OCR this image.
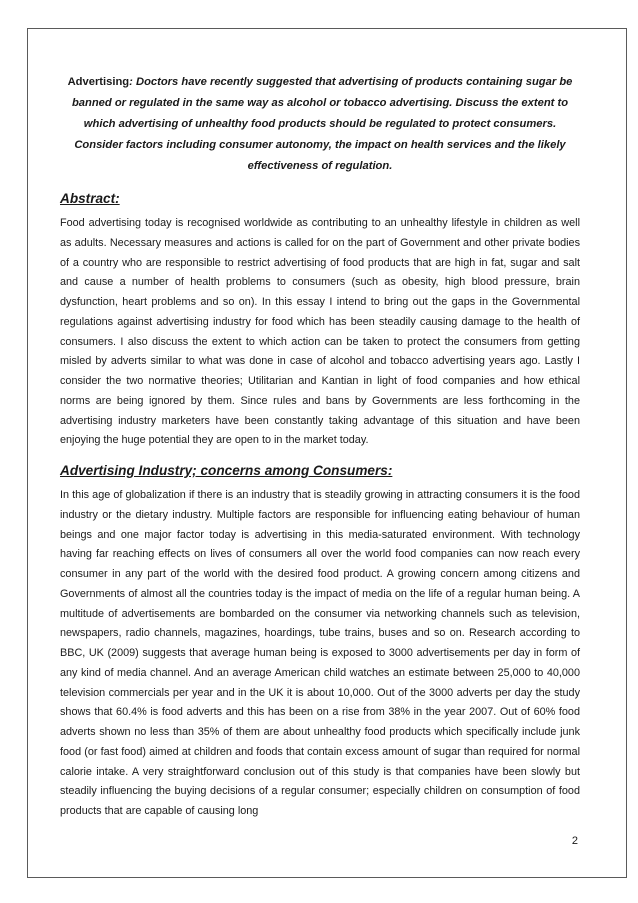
Advertising: Doctors have recently suggested that advertising of products containing sugar be banned or regulated in the same way as alcohol or tobacco advertising. Discuss the extent to which advertising of unhealthy food products should be regulated to protect consumers. Consider factors including consumer autonomy, the impact on health services and the likely effectiveness of regulation.

Abstract:

Food advertising today is recognised worldwide as contributing to an unhealthy lifestyle in children as well as adults. Necessary measures and actions is called for on the part of Government and other private bodies of a country who are responsible to restrict advertising of food products that are high in fat, sugar and salt and cause a number of health problems to consumers (such as obesity, high blood pressure, brain dysfunction, heart problems and so on). In this essay I intend to bring out the gaps in the Governmental regulations against advertising industry for food which has been steadily causing damage to the health of consumers. I also discuss the extent to which action can be taken to protect the consumers from getting misled by adverts similar to what was done in case of alcohol and tobacco advertising years ago. Lastly I consider the two normative theories; Utilitarian and Kantian in light of food companies and how ethical norms are being ignored by them. Since rules and bans by Governments are less forthcoming in the advertising industry marketers have been constantly taking advantage of this situation and have been enjoying the huge potential they are open to in the market today.

Advertising Industry; concerns among Consumers:

In this age of globalization if there is an industry that is steadily growing in attracting consumers it is the food industry or the dietary industry. Multiple factors are responsible for influencing eating behaviour of human beings and one major factor today is advertising in this media-saturated environment. With technology having far reaching effects on lives of consumers all over the world food companies can now reach every consumer in any part of the world with the desired food product. A growing concern among citizens and Governments of almost all the countries today is the impact of media on the life of a regular human being. A multitude of advertisements are bombarded on the consumer via networking channels such as television, newspapers, radio channels, magazines, hoardings, tube trains, buses and so on. Research according to BBC, UK (2009) suggests that average human being is exposed to 3000 advertisements per day in form of any kind of media channel. And an average American child watches an estimate between 25,000 to 40,000 television commercials per year and in the UK it is about 10,000. Out of the 3000 adverts per day the study shows that 60.4% is food adverts and this has been on a rise from 38% in the year 2007. Out of 60% food adverts shown no less than 35% of them are about unhealthy food products which specifically include junk food (or fast food) aimed at children and foods that contain excess amount of sugar than required for normal calorie intake. A very straightforward conclusion out of this study is that companies have been slowly but steadily influencing the buying decisions of a regular consumer; especially children on consumption of food products that are capable of causing long

2
